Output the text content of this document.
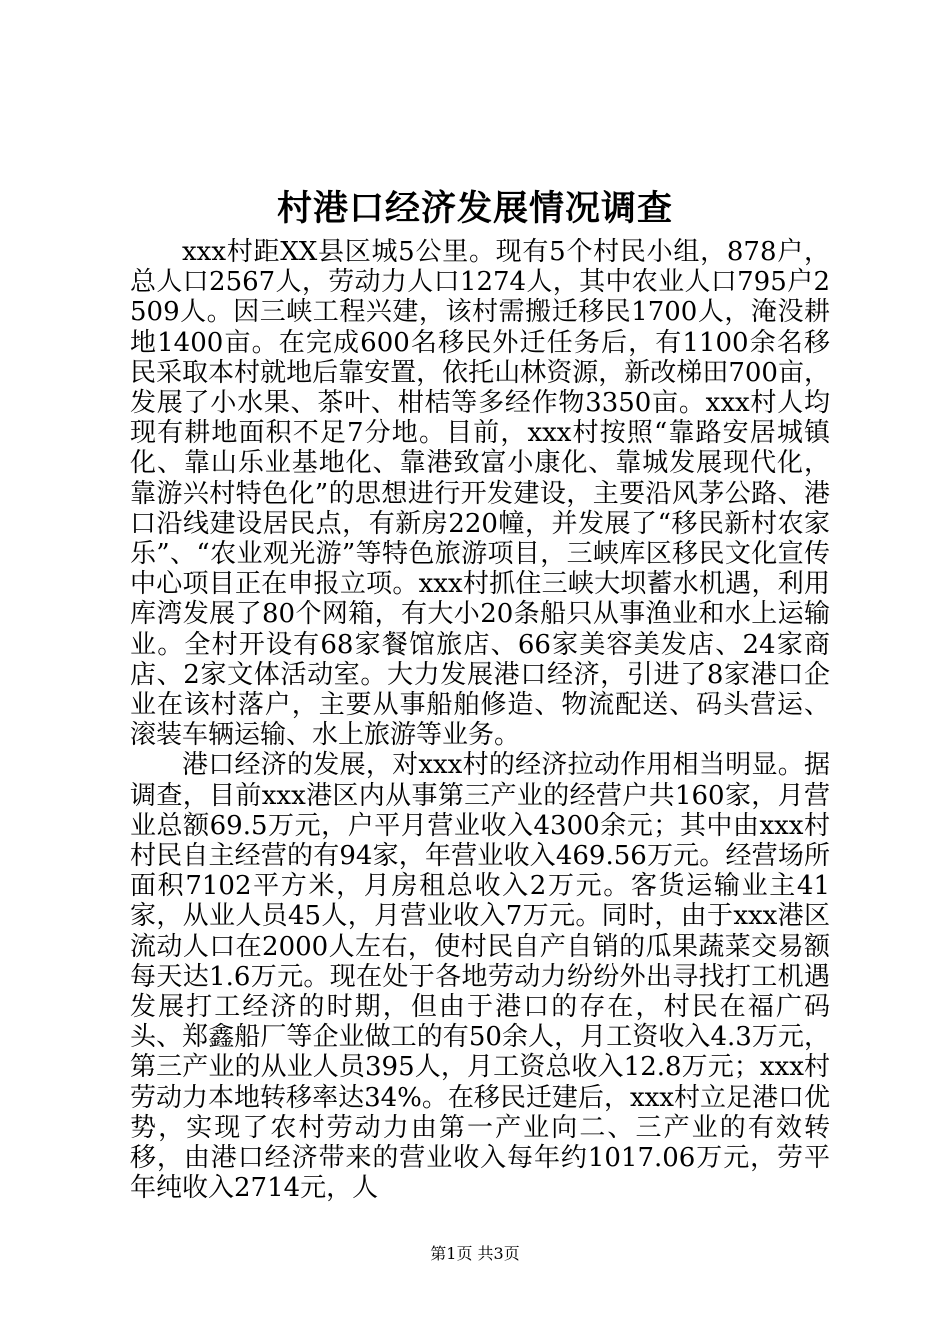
村港口经济发展情况调查

xxx村距XX县区城5公里。现有5个村民小组，878户，总人口2567人，劳动力人口1274人，其中农业人口795户2509人。因三峡工程兴建，该村需搬迁移民1700人，淹没耕地1400亩。在完成600名移民外迁任务后，有1100余名移民采取本村就地后靠安置，依托山林资源，新改梯田700亩，发展了小水果、茶叶、柑桔等多经作物3350亩。xxx村人均现有耕地面积不足7分地。目前，xxx村按照“靠路安居城镇化、靠山乐业基地化、靠港致富小康化、靠城发展现代化，靠游兴村特色化”的思想进行开发建设，主要沿风茅公路、港口沿线建设居民点，有新房220幢，并发展了“移民新村农家乐”、“农业观光游”等特色旅游项目，三峡库区移民文化宣传中心项目正在申报立项。xxx村抓住三峡大坝蓄水机遇，利用库湾发展了80个网箱，有大小20条船只从事渔业和水上运输业。全村开设有68家餐馆旅店、66家美容美发店、24家商店、2家文体活动室。大力发展港口经济，引进了8家港口企业在该村落户，主要从事船舶修造、物流配送、码头营运、滚装车辆运输、水上旅游等业务。

港口经济的发展，对xxx村的经济拉动作用相当明显。据调查，目前xxx港区内从事第三产业的经营户共160家，月营业总额69.5万元，户平月营业收入4300余元；其中由xxx村村民自主经营的有94家，年营业收入469.56万元。经营场所面积7102平方米，月房租总收入2万元。客货运输业主41家，从业人员45人，月营业收入7万元。同时，由于xxx港区流动人口在2000人左右，使村民自产自销的瓜果蔬菜交易额每天达1.6万元。现在处于各地劳动力纷纷外出寻找打工机遇发展打工经济的时期，但由于港口的存在，村民在福广码头、郑鑫船厂等企业做工的有50余人，月工资收入4.3万元，第三产业的从业人员395人，月工资总收入12.8万元；xxx村劳动力本地转移率达34%。在移民迁建后，xxx村立足港口优势，实现了农村劳动力由第一产业向二、三产业的有效转移，由港口经济带来的营业收入每年约1017.06万元，劳平年纯收入2714元，人

第1页 共3页
